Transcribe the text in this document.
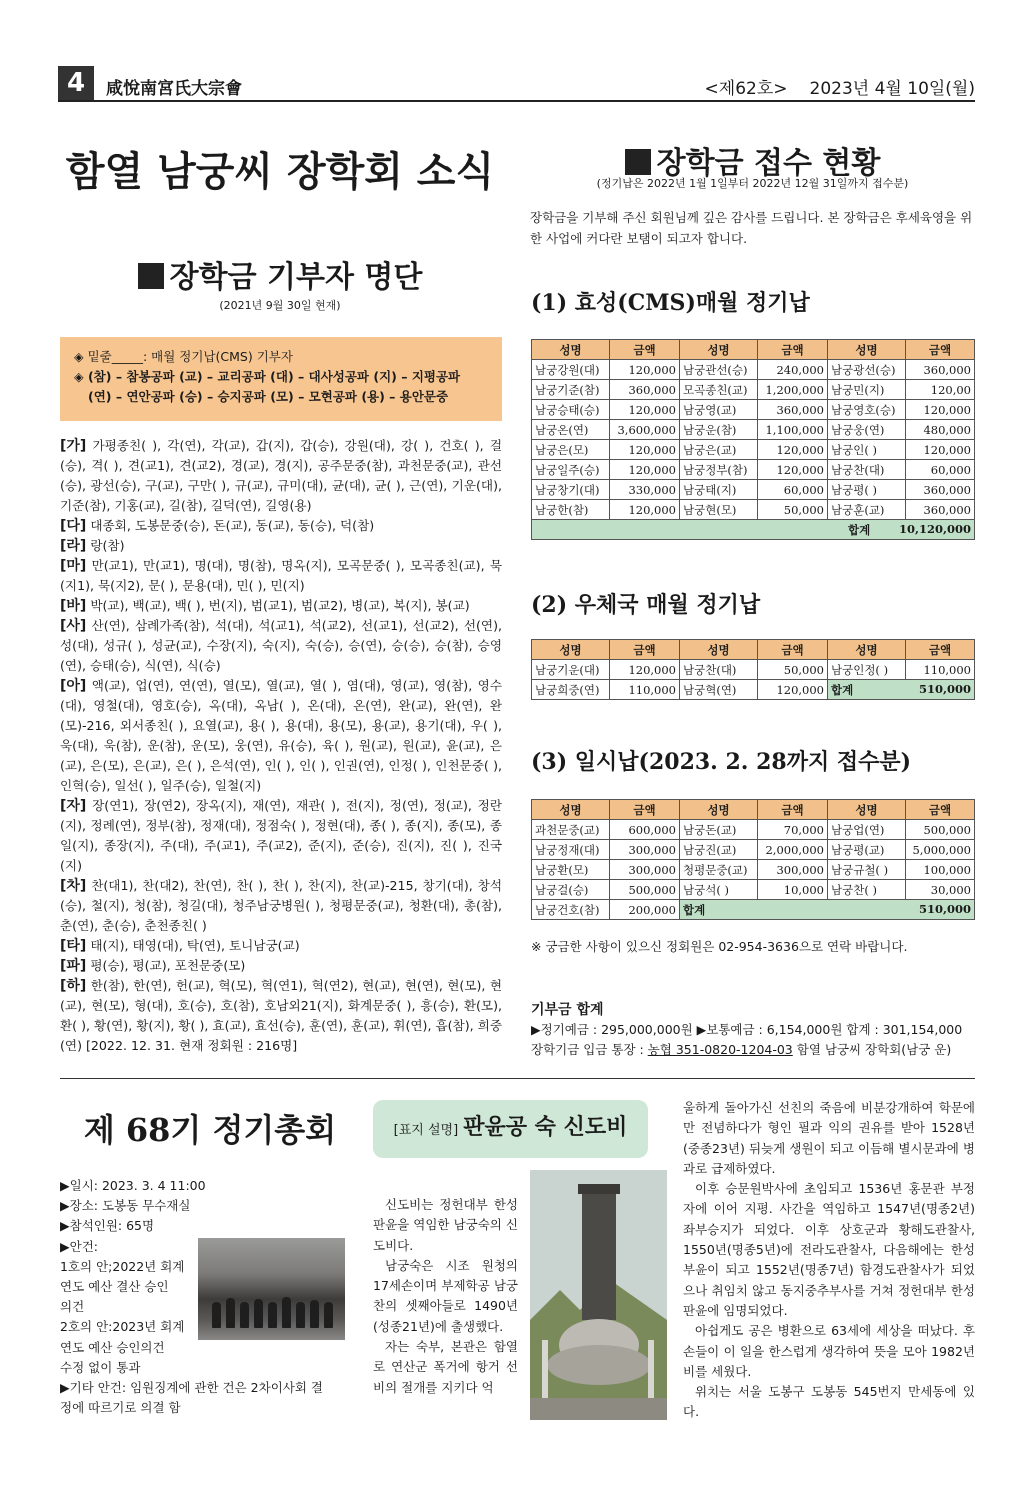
4	咸悅南宮氏大宗會	<제62호> 2023년 4월 10일(월)
함열 남궁씨 장학회 소식
장학금 기부자 명단
(2021년 9월 30일 현재)
◈ 밑줄_____: 매월 정기납(CMS) 기부자
◈ (참) – 참봉공파 (교) – 교리공파 (대) – 대사성공파 (지) – 지평공파
(연) – 연안공파 (승) – 승지공파 (모) – 모현공파 (용) – 용안문중

[가] 가평종친( ), 각(연), 각(교), 갑(지), 갑(승), 강원(대), 강( ), 건호( ), 걸(승), 격( ), 견(교1), 견(교2), 경(교), 경(지), 공주문중(참), 과천문중(교), 관선(승), 광선(승), 구(교), 구만( ), 규(교), 규미(대), 균(대), 균( ), 근(연), 기운(대), 기준(참), 기홍(교), 길(참), 길덕(연), 길영(용)

[다] 대종회, 도봉문중(승), 돈(교), 동(교), 동(승), 덕(참)

[라] 랑(참)

[마] 만(교1), 만(교1), 명(대), 명(참), 명옥(지), 모곡문중( ), 모곡종친(교), 묵(지1), 묵(지2), 문( ), 문용(대), 민( ), 민(지)

[바] 박(교), 백(교), 백( ), 번(지), 범(교1), 범(교2), 병(교), 복(지), 봉(교)

[사] 산(연), 삼례가족(참), 석(대), 석(교1), 석(교2), 선(교1), 선(교2), 선(연), 성(대), 성규( ), 성균(교), 수장(지), 숙(지), 숙(승), 승(연), 승(승), 승(참), 승영(연), 승태(승), 식(연), 식(승)

[아] 액(교), 업(연), 연(연), 열(모), 열(교), 열( ), 염(대), 영(교), 영(참), 영수(대), 영철(대), 영호(승), 옥(대), 옥남( ), 온(대), 온(연), 완(교), 완(연), 완(모)-216, 외서종친( ), 요열(교), 용( ), 용(대), 용(모), 용(교), 용기(대), 우( ), 욱(대), 욱(참), 운(참), 운(모), 웅(연), 유(승), 육( ), 원(교), 원(교), 윤(교), 은(교), 은(모), 은(교), 은( ), 은석(연), 인( ), 인( ), 인권(연), 인정( ), 인천문중( ), 인혁(승), 일선( ), 일주(승), 일철(지)

[자] 장(연1), 장(연2), 장옥(지), 재(연), 재관( ), 전(지), 정(연), 정(교), 정란(지), 정례(연), 정부(참), 정재(대), 정점숙( ), 정현(대), 종( ), 종(지), 종(모), 종일(지), 종장(지), 주(대), 주(교1), 주(교2), 준(지), 준(승), 진(지), 진( ), 진국(지)

[차] 찬(대1), 찬(대2), 찬(연), 찬( ), 찬( ), 찬(지), 찬(교)-215, 창기(대), 창석(승), 철(지), 청(참), 청길(대), 청주남궁병원( ), 청평문중(교), 청환(대), 총(참), 춘(연), 춘(승), 춘천종친( )

[타] 태(지), 태영(대), 탁(연), 토니남궁(교)

[파] 평(승), 평(교), 포천문중(모)

[하] 한(참), 한(연), 헌(교), 혁(모), 혁(연1), 혁(연2), 현(교), 현(연), 현(모), 현(교), 현(모), 형(대), 호(승), 호(참), 호남외21(지), 화계문중( ), 흥(승), 환(모), 환( ), 황(연), 황(지), 황( ), 효(교), 효선(승), 훈(연), 훈(교), 휘(연), 흡(참), 희중(연) [2022. 12. 31. 현재 정회원 : 216명]

장학금 접수 현황
(정기납은 2022년 1월 1일부터 2022년 12월 31일까지 접수분)
장학금을 기부해 주신 회원님께 깊은 감사를 드립니다. 본 장학금은 후세육영을 위한 사업에 커다란 보탬이 되고자 합니다.
(1) 효성(CMS)매월 정기납
성명	금액	성명	금액	성명	금액
남궁강원(대)	120,000	남궁관선(승)	240,000	남궁광선(승)	360,000
남궁기준(참)	360,000	모곡종친(교)	1,200,000	남궁민(지)	120,00
남궁승태(승)	120,000	남궁영(교)	360,000	남궁영호(승)	120,000
남궁온(연)	3,600,000	남궁운(참)	1,100,000	남궁웅(연)	480,000
남궁은(모)	120,000	남궁은(교)	120,000	남궁인( )	120,000
남궁일주(승)	120,000	남궁정부(참)	120,000	남궁찬(대)	60,000
남궁창기(대)	330,000	남궁태(지)	60,000	남궁평( )	360,000
남궁한(참)	120,000	남궁현(모)	50,000	남궁훈(교)	360,000
합계 10,120,000					
(2) 우체국 매월 정기납
성명	금액	성명	금액	성명	금액
남궁기운(대)	120,000	남궁찬(대)	50,000	남궁인정( )	110,000
남궁희중(연)	110,000	남궁혁(연)	120,000	합계 510,000	
(3) 일시납(2023. 2. 28까지 접수분)
성명	금액	성명	금액	성명	금액
과천문중(교)	600,000	남궁돈(교)	70,000	남궁업(연)	500,000
남궁정재(대)	300,000	남궁진(교)	2,000,000	남궁평(교)	5,000,000
남궁환(모)	300,000	청평문중(교)	300,000	남궁규철( )	100,000
남궁걸(승)	500,000	남궁석( )	10,000	남궁찬( )	30,000
남궁건호(참)	200,000	합계 510,000			
※ 궁금한 사항이 있으신 정회원은 02-954-3636으로 연락 바랍니다.
기부금 합계
▶정기예금 : 295,000,000원 ▶보통예금 : 6,154,000원 합계 : 301,154,000
장학기금 입금 통장 : 농협 351-0820-1204-03 함열 남궁씨 장학회(남궁 운)
제 68기 정기총회
▶일시: 2023. 3. 4 11:00
▶장소: 도봉동 무수재실
▶참석인원: 65명
▶안건:
1호의 안;2022년 회계
연도 예산 결산 승인
의건
2호의 안:2023년 회계
연도 예산 승인의건
수정 없이 통과
▶기타 안건: 임원징계에 관한 건은 2차이사회 결
정에 따르기로 의결 함
[표지 설명] 판윤공 숙 신도비

신도비는 정헌대부 한성판윤을 역임한 남궁숙의 신도비다.

남궁숙은 시조 원청의 17세손이며 부제학공 남궁찬의 셋째아들로 1490년(성종21년)에 출생했다.

자는 숙부, 본관은 함열로 연산군 폭거에 항거 선비의 절개를 지키다 억

울하게 돌아가신 선친의 죽음에 비분강개하여 학문에만 전념하다가 형인 필과 익의 권유를 받아 1528년(중종23년) 뒤늦게 생원이 되고 이듬해 별시문과에 병과로 급제하였다.

이후 승문원박사에 초임되고 1536년 홍문관 부정자에 이어 지평. 사간을 역임하고 1547년(명종2년) 좌부승지가 되었다. 이후 상호군과 황해도관찰사, 1550년(명종5년)에 전라도관찰사, 다음해에는 한성부윤이 되고 1552년(명종7년) 함경도관찰사가 되었으나 취임치 않고 동지중추부사를 거쳐 정헌대부 한성판윤에 임명되었다.

아쉽게도 공은 병환으로 63세에 세상을 떠났다. 후손들이 이 일을 한스럽게 생각하여 뜻을 모아 1982년 비를 세웠다.

위치는 서울 도봉구 도봉동 545번지 만세동에 있다.
